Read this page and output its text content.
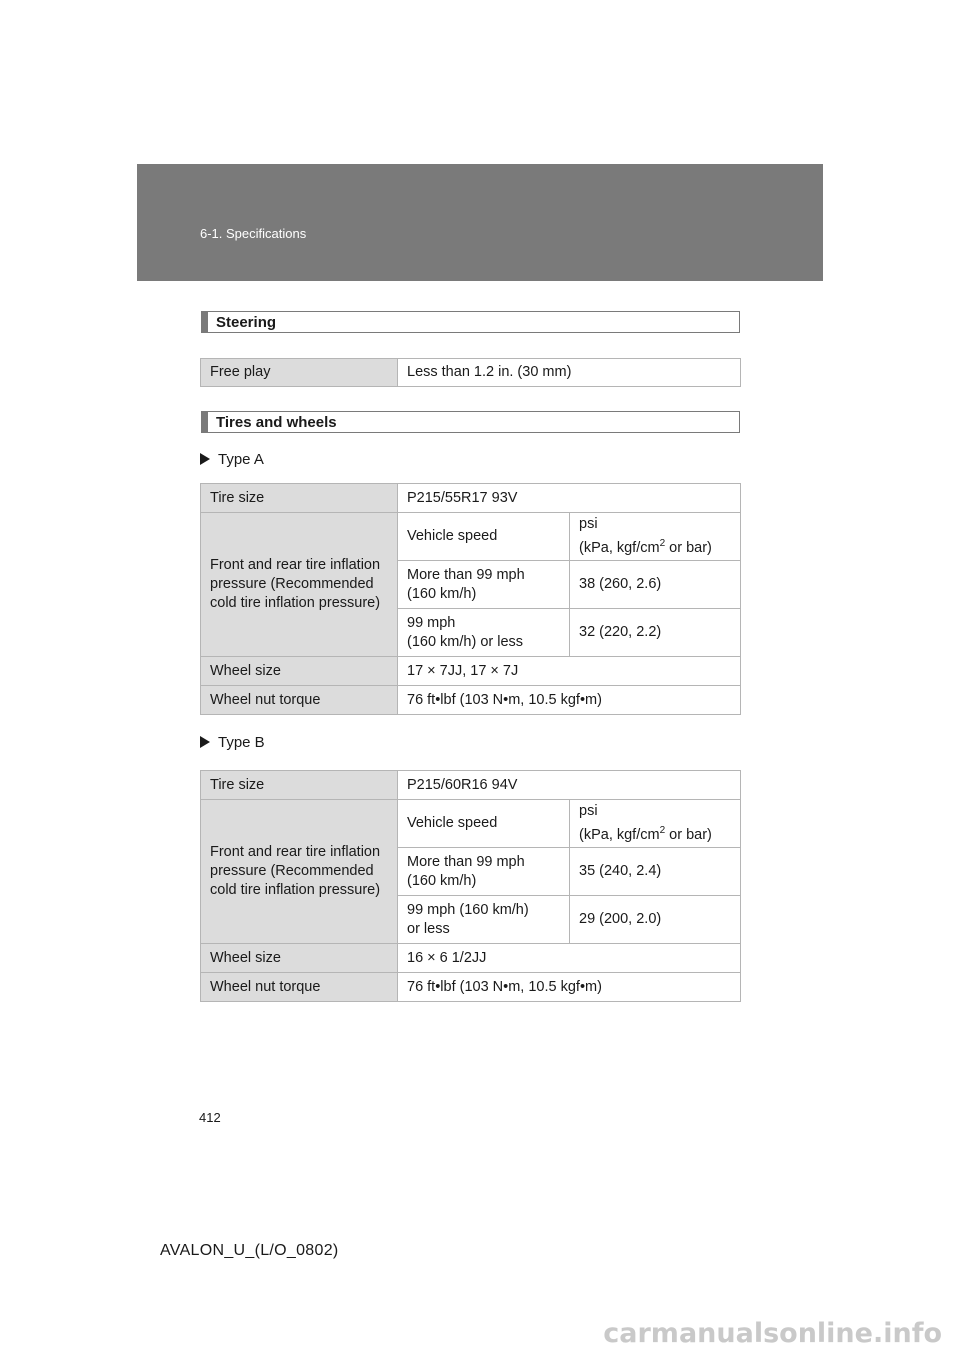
6-1. Specifications
Steering
Free play	Less than 1.2 in. (30 mm)
Tires and wheels
Type A
Tire size	P215/55R17 93V	
Front and rear tire inflation pressure (Recommended cold tire inflation pressure)	Vehicle speed	psi
(kPa, kgf/$cm^2$ or bar)
	More than 99 mph
(160 km/h)	38 (260, 2.6)
	99 mph
(160 km/h) or less	32 (220, 2.2)
Wheel size	17 × 7JJ, 17 × 7J	
Wheel nut torque	76 ft•lbf (103 N•m, 10.5 kgf•m)	
Type B
Tire size	P215/60R16 94V	
Front and rear tire inflation pressure (Recommended cold tire inflation pressure)	Vehicle speed	psi
(kPa, kgf/$cm^2$ or bar)
	More than 99 mph
(160 km/h)	35 (240, 2.4)
	99 mph (160 km/h)
or less	29 (200, 2.0)
Wheel size	16 × 6 1/2JJ	
Wheel nut torque	76 ft•lbf (103 N•m, 10.5 kgf•m)	
412
AVALON_U_(L/O_0802)
carmanualsonline.info
